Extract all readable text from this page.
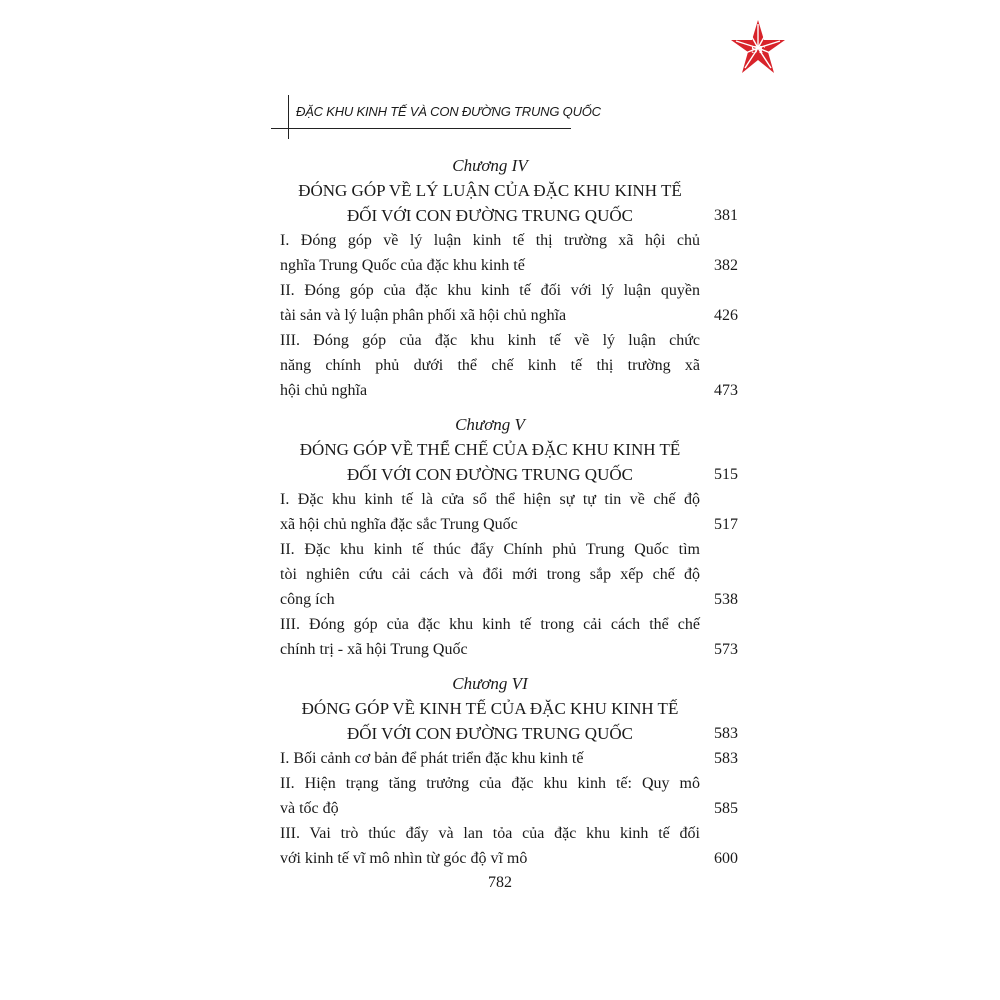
ST
ĐẶC KHU KINH TẾ VÀ CON ĐƯỜNG TRUNG QUỐC
Chương IV
ĐÓNG GÓP VỀ LÝ LUẬN CỦA ĐẶC KHU KINH TẾ
ĐỐI VỚI CON ĐƯỜNG TRUNG QUỐC	381
I. Đóng góp về lý luận kinh tế thị trường xã hội chủ
nghĩa Trung Quốc của đặc khu kinh tế	382
II. Đóng góp của đặc khu kinh tế đối với lý luận quyền
tài sản và lý luận phân phối xã hội chủ nghĩa	426
III. Đóng góp của đặc khu kinh tế về lý luận chức
năng chính phủ dưới thể chế kinh tế thị trường xã
hội chủ nghĩa	473
Chương V
ĐÓNG GÓP VỀ THỂ CHẾ CỦA ĐẶC KHU KINH TẾ
ĐỐI VỚI CON ĐƯỜNG TRUNG QUỐC	515
I. Đặc khu kinh tế là cửa sổ thể hiện sự tự tin về chế độ
xã hội chủ nghĩa đặc sắc Trung Quốc	517
II. Đặc khu kinh tế thúc đẩy Chính phủ Trung Quốc tìm
tòi nghiên cứu cải cách và đổi mới trong sắp xếp chế độ
công ích	538
III. Đóng góp của đặc khu kinh tế trong cải cách thể chế
chính trị - xã hội Trung Quốc	573
Chương VI
ĐÓNG GÓP VỀ KINH TẾ CỦA ĐẶC KHU KINH TẾ
ĐỐI VỚI CON ĐƯỜNG TRUNG QUỐC	583
I. Bối cảnh cơ bản để phát triển đặc khu kinh tế	583
II. Hiện trạng tăng trưởng của đặc khu kinh tế: Quy mô
và tốc độ	585
III. Vai trò thúc đẩy và lan tỏa của đặc khu kinh tế đối
với kinh tế vĩ mô nhìn từ góc độ vĩ mô	600
782
